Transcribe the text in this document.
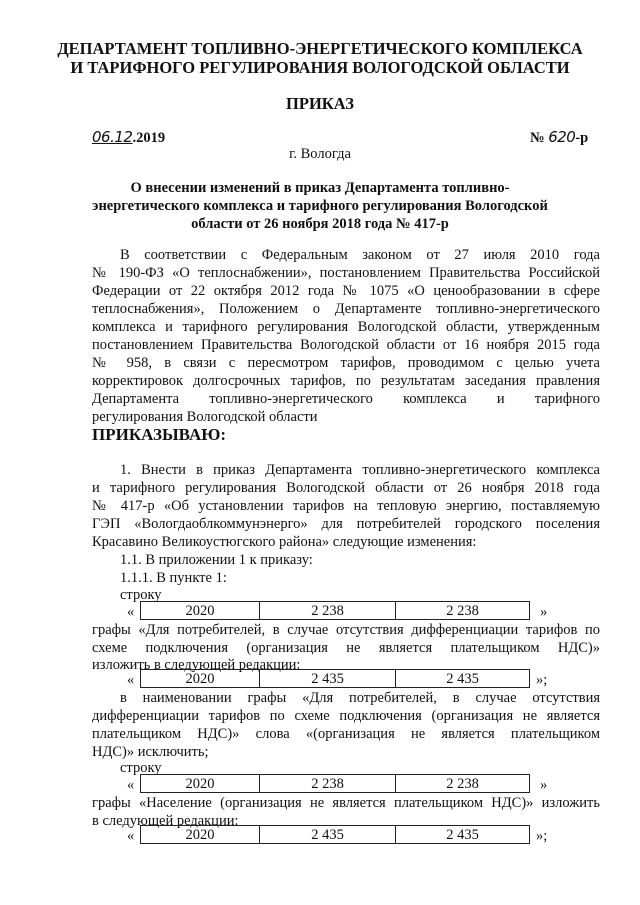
ДЕПАРТАМЕНТ ТОПЛИВНО-ЭНЕРГЕТИЧЕСКОГО КОМПЛЕКСА
И ТАРИФНОГО РЕГУЛИРОВАНИЯ ВОЛОГОДСКОЙ ОБЛАСТИ
ПРИКАЗ
06.12.2019	№ 620-р
г. Вологда
О внесении изменений в приказ Департамента топливно-
энергетического комплекса и тарифного регулирования Вологодской
области от 26 ноября 2018 года № 417-р
В соответствии с Федеральным законом от 27 июля 2010 года
№ 190-ФЗ «О теплоснабжении», постановлением Правительства Российской
Федерации от 22 октября 2012 года № 1075 «О ценообразовании в сфере
теплоснабжения», Положением о Департаменте топливно-энергетического
комплекса и тарифного регулирования Вологодской области, утвержденным
постановлением Правительства Вологодской области от 16 ноября 2015 года
№ 958, в связи с пересмотром тарифов, проводимом с целью учета
корректировок долгосрочных тарифов, по результатам заседания правления
Департамента топливно-энергетического комплекса и тарифного
регулирования Вологодской области
ПРИКАЗЫВАЮ:
1. Внести в приказ Департамента топливно-энергетического комплекса
и тарифного регулирования Вологодской области от 26 ноября 2018 года
№ 417-р «Об установлении тарифов на тепловую энергию, поставляемую
ГЭП «Вологдаоблкоммунэнерго» для потребителей городского поселения
Красавино Великоустюгского района» следующие изменения:
1.1. В приложении 1 к приказу:
1.1.1. В пункте 1:
строку
«	2020	2 238	2 238	»
графы «Для потребителей, в случае отсутствия дифференциации тарифов по
схеме подключения (организация не является плательщиком НДС)»
изложить в следующей редакции:
«	2020	2 435	2 435	»;
в наименовании графы «Для потребителей, в случае отсутствия
дифференциации тарифов по схеме подключения (организация не является
плательщиком НДС)» слова «(организация не является плательщиком
НДС)» исключить;
строку
«	2020	2 238	2 238	»
графы «Население (организация не является плательщиком НДС)» изложить
в следующей редакции:
«	2020	2 435	2 435	»;
